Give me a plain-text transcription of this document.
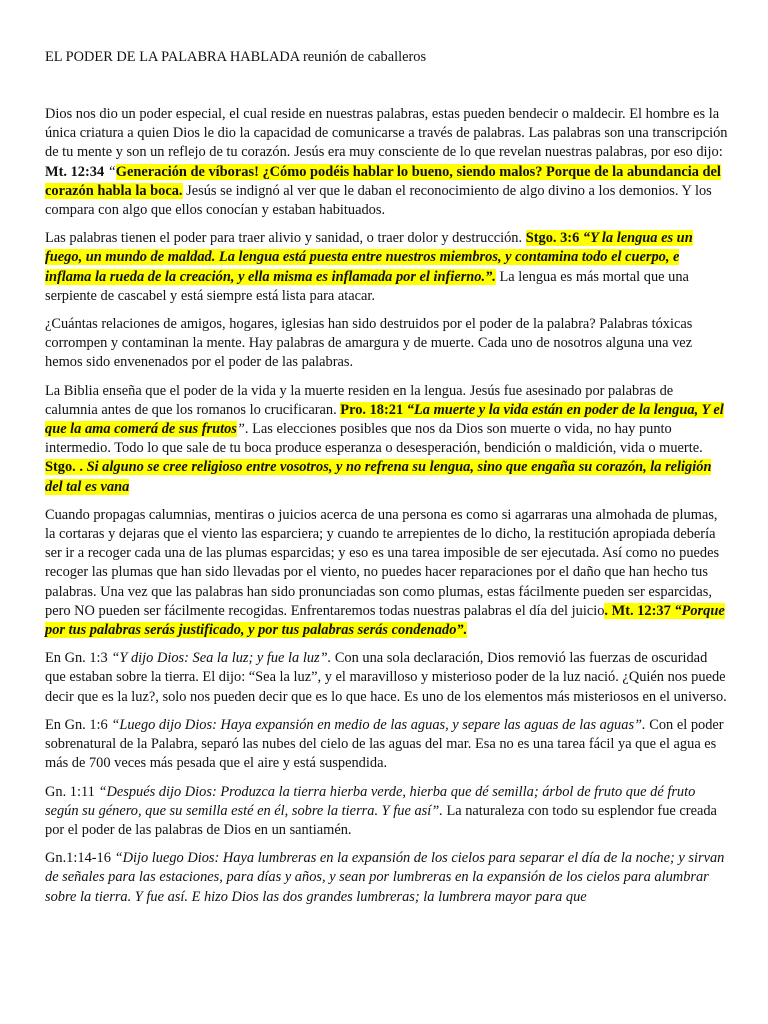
EL PODER DE LA PALABRA HABLADA reunión de caballeros

Dios nos dio un poder especial, el cual reside en nuestras palabras, estas pueden bendecir o maldecir. El hombre es la única criatura a quien Dios le dio la capacidad de comunicarse a través de palabras. Las palabras son una transcripción de tu mente y son un reflejo de tu corazón. Jesús era muy consciente de lo que revelan nuestras palabras, por eso dijo: Mt. 12:34 “Generación de víboras! ¿Cómo podéis hablar lo bueno, siendo malos? Porque de la abundancia del corazón habla la boca. Jesús se indignó al ver que le daban el reconocimiento de algo divino a los demonios. Y los compara con algo que ellos conocían y estaban habituados.

Las palabras tienen el poder para traer alivio y sanidad, o traer dolor y destrucción. Stgo. 3:6 “Y la lengua es un fuego, un mundo de maldad. La lengua está puesta entre nuestros miembros, y contamina todo el cuerpo, e inflama la rueda de la creación, y ella misma es inflamada por el infierno.”. La lengua es más mortal que una serpiente de cascabel y está siempre está lista para atacar.

¿Cuántas relaciones de amigos, hogares, iglesias han sido destruidos por el poder de la palabra? Palabras tóxicas corrompen y contaminan la mente. Hay palabras de amargura y de muerte. Cada uno de nosotros alguna una vez hemos sido envenenados por el poder de las palabras.

La Biblia enseña que el poder de la vida y la muerte residen en la lengua. Jesús fue asesinado por palabras de calumnia antes de que los romanos lo crucificaran. Pro. 18:21 “La muerte y la vida están en poder de la lengua, Y el que la ama comerá de sus frutos”. Las elecciones posibles que nos da Dios son muerte o vida, no hay punto intermedio. Todo lo que sale de tu boca produce esperanza o desesperación, bendición o maldición, vida o muerte. Stgo. . Si alguno se cree religioso entre vosotros, y no refrena su lengua, sino que engaña su corazón, la religión del tal es vana

Cuando propagas calumnias, mentiras o juicios acerca de una persona es como si agarraras una almohada de plumas, la cortaras y dejaras que el viento las esparciera; y cuando te arrepientes de lo dicho, la restitución apropiada debería ser ir a recoger cada una de las plumas esparcidas; y eso es una tarea imposible de ser ejecutada. Así como no puedes recoger las plumas que han sido llevadas por el viento, no puedes hacer reparaciones por el daño que han hecho tus palabras. Una vez que las palabras han sido pronunciadas son como plumas, estas fácilmente pueden ser esparcidas, pero NO pueden ser fácilmente recogidas. Enfrentaremos todas nuestras palabras el día del juicio. Mt. 12:37 “Porque por tus palabras serás justificado, y por tus palabras serás condenado”.

En Gn. 1:3 “Y dijo Dios: Sea la luz; y fue la luz”. Con una sola declaración, Dios removió las fuerzas de oscuridad que estaban sobre la tierra. El dijo: “Sea la luz”, y el maravilloso y misterioso poder de la luz nació. ¿Quién nos puede decir que es la luz?, solo nos pueden decir que es lo que hace. Es uno de los elementos más misteriosos en el universo.

En Gn. 1:6 “Luego dijo Dios: Haya expansión en medio de las aguas, y separe las aguas de las aguas”. Con el poder sobrenatural de la Palabra, separó las nubes del cielo de las aguas del mar. Esa no es una tarea fácil ya que el agua es más de 700 veces más pesada que el aire y está suspendida.

Gn. 1:11 “Después dijo Dios: Produzca la tierra hierba verde, hierba que dé semilla; árbol de fruto que dé fruto según su género, que su semilla esté en él, sobre la tierra. Y fue así”. La naturaleza con todo su esplendor fue creada por el poder de las palabras de Dios en un santiamén.

Gn.1:14-16 “Dijo luego Dios: Haya lumbreras en la expansión de los cielos para separar el día de la noche; y sirvan de señales para las estaciones, para días y años, y sean por lumbreras en la expansión de los cielos para alumbrar sobre la tierra. Y fue así. E hizo Dios las dos grandes lumbreras; la lumbrera mayor para que
